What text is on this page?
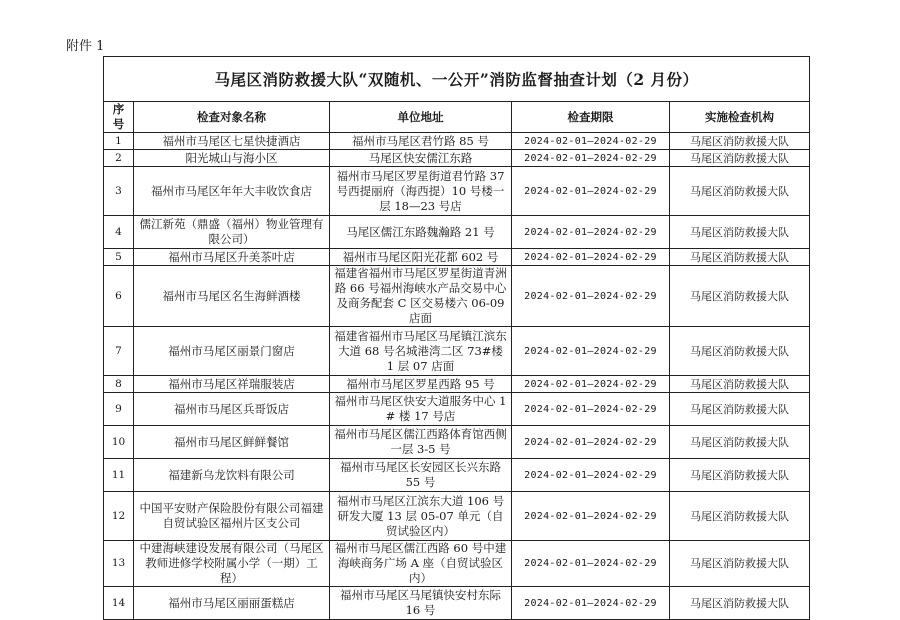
附件 1
马尾区消防救援大队“双随机、一公开”消防监督抽查计划（2 月份）				
序号	检查对象名称	单位地址	检查期限	实施检查机构
1	福州市马尾区七星快捷酒店	福州市马尾区君竹路 85 号	2024-02-01—2024-02-29	马尾区消防救援大队
2	阳光城山与海小区	马尾区快安儒江东路	2024-02-01—2024-02-29	马尾区消防救援大队
3	福州市马尾区年年大丰收饮食店	福州市马尾区罗星街道君竹路 37 号西提丽府（海西提）10 号楼一层 18—23 号店	2024-02-01—2024-02-29	马尾区消防救援大队
4	儒江新苑（鼎盛（福州）物业管理有限公司）	马尾区儒江东路魏瀚路 21 号	2024-02-01—2024-02-29	马尾区消防救援大队
5	福州市马尾区升美茶叶店	福州市马尾区阳光花都 602 号	2024-02-01—2024-02-29	马尾区消防救援大队
6	福州市马尾区名生海鲜酒楼	福建省福州市马尾区罗星街道青洲路 66 号福州海峡水产品交易中心及商务配套 C 区交易楼六 06-09 店面	2024-02-01—2024-02-29	马尾区消防救援大队
7	福州市马尾区丽景门窗店	福建省福州市马尾区马尾镇江滨东大道 68 号名城港湾二区 73#楼 1 层 07 店面	2024-02-01—2024-02-29	马尾区消防救援大队
8	福州市马尾区祥瑞服装店	福州市马尾区罗星西路 95 号	2024-02-01—2024-02-29	马尾区消防救援大队
9	福州市马尾区兵哥饭店	福州市马尾区快安大道服务中心 1 # 楼 17 号店	2024-02-01—2024-02-29	马尾区消防救援大队
10	福州市马尾区鲜鲜餐馆	福州市马尾区儒江西路体育馆西侧一层 3-5 号	2024-02-01—2024-02-29	马尾区消防救援大队
11	福建新乌龙饮料有限公司	福州市马尾区长安园区长兴东路 55 号	2024-02-01—2024-02-29	马尾区消防救援大队
12	中国平安财产保险股份有限公司福建自贸试验区福州片区支公司	福州市马尾区江滨东大道 106 号研发大厦 13 层 05-07 单元（自贸试验区内）	2024-02-01—2024-02-29	马尾区消防救援大队
13	中建海峡建设发展有限公司（马尾区教师进修学校附属小学（一期）工程）	福州市马尾区儒江西路 60 号中建海峡商务广场 A 座（自贸试验区内）	2024-02-01—2024-02-29	马尾区消防救援大队
14	福州市马尾区丽丽蛋糕店	福州市马尾区马尾镇快安村东际 16 号	2024-02-01—2024-02-29	马尾区消防救援大队
